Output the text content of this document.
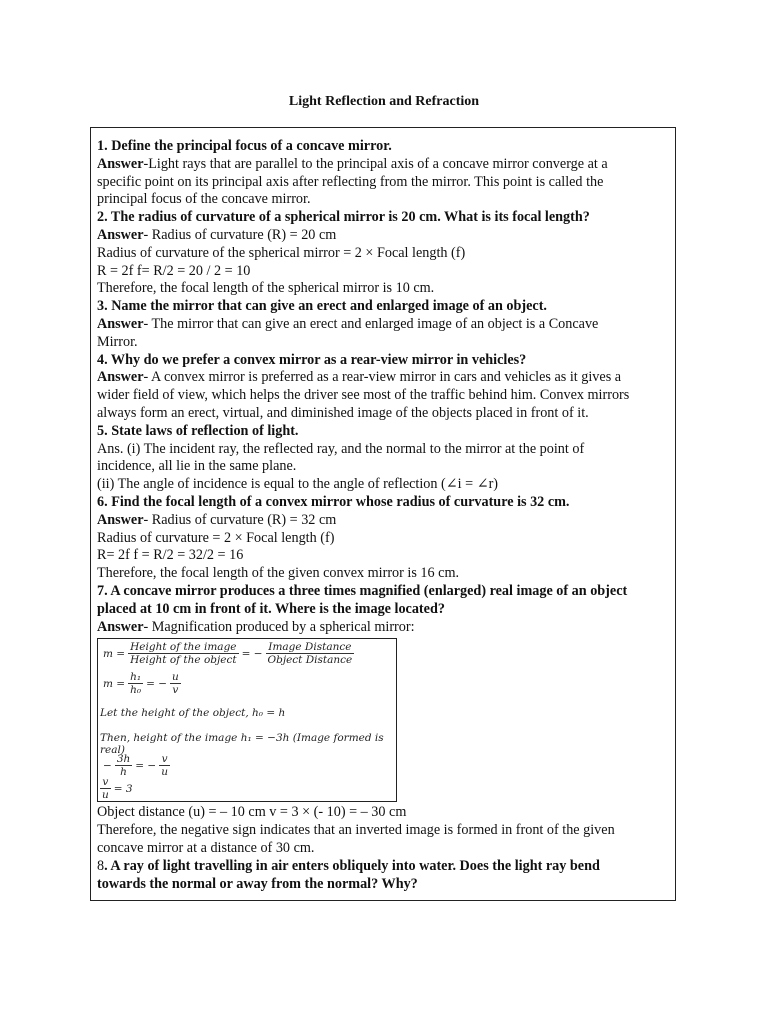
Light Reflection and Refraction
1. Define the principal focus of a concave mirror.
Answer-Light rays that are parallel to the principal axis of a concave mirror converge at a
specific point on its principal axis after reflecting from the mirror. This point is called the
principal focus of the concave mirror.
2. The radius of curvature of a spherical mirror is 20 cm. What is its focal length?
Answer- Radius of curvature (R) = 20 cm
Radius of curvature of the spherical mirror = 2 × Focal length (f)
R = 2f f= R/2 = 20 / 2 = 10
Therefore, the focal length of the spherical mirror is 10 cm.
3. Name the mirror that can give an erect and enlarged image of an object.
Answer- The mirror that can give an erect and enlarged image of an object is a Concave
Mirror.
4. Why do we prefer a convex mirror as a rear-view mirror in vehicles?
Answer- A convex mirror is preferred as a rear-view mirror in cars and vehicles as it gives a
wider field of view, which helps the driver see most of the traffic behind him. Convex mirrors
always form an erect, virtual, and diminished image of the objects placed in front of it.
5. State laws of reflection of light.
Ans. (i) The incident ray, the reflected ray, and the normal to the mirror at the point of
incidence, all lie in the same plane.
(ii) The angle of incidence is equal to the angle of reflection (∠i = ∠r)
6. Find the focal length of a convex mirror whose radius of curvature is 32 cm.
Answer- Radius of curvature (R) = 32 cm
Radius of curvature = 2 × Focal length (f)
R= 2f f = R/2 = 32/2 = 16
Therefore, the focal length of the given convex mirror is 16 cm.
7. A concave mirror produces a three times magnified (enlarged) real image of an object
placed at 10 cm in front of it. Where is the image located?
Answer- Magnification produced by a spherical mirror:
$m = \frac{\text{Height of the image}}{\text{Height of the object}}$ = − $\frac{\text{Image Distance}}{\text{Object Distance}}$
$m = \frac{\text{h₁}}{\text{h₀}}$ = − $\frac{u}{v}$
Let the height of the object, h₀ = h
Then, height of the image h₁ = −3h (Image formed is real)
− $\frac{3h}{h}$ = − $\frac{v}{u}$
$\frac{v}{u} = 3$
Object distance (u) = – 10 cm v = 3 × (- 10) = – 30 cm
Therefore, the negative sign indicates that an inverted image is formed in front of the given
concave mirror at a distance of 30 cm.
8. A ray of light travelling in air enters obliquely into water. Does the light ray bend
towards the normal or away from the normal? Why?
